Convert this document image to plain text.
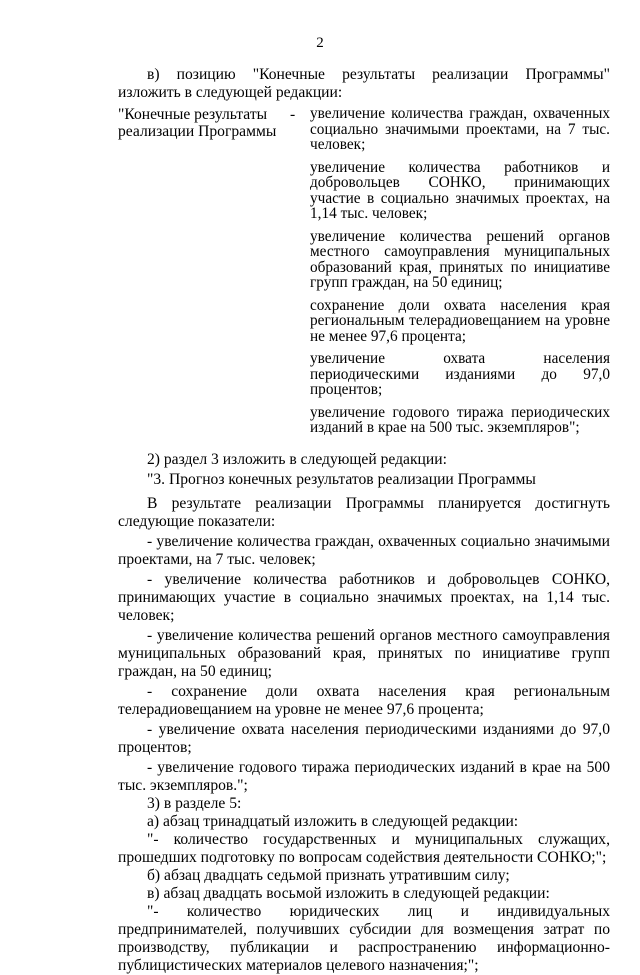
2

в) позицию "Конечные результаты реализации Программы" изложить в следующей редакции:

"Конечные результаты реализации Программы
- увеличение количества граждан, охваченных социально значимыми проектами, на 7 тыс. человек;
увеличение количества работников и добровольцев СОНКО, принимающих участие в социально значимых проектах, на 1,14 тыс. человек;
увеличение количества решений органов местного самоуправления муниципальных образований края, принятых по инициативе групп граждан, на 50 единиц;
сохранение доли охвата населения края региональным телерадиовещанием на уровне не менее 97,6 процента;
увеличение охвата населения периодическими изданиями до 97,0 процентов;
увеличение годового тиража периодических изданий в крае на 500 тыс. экземпляров";

2) раздел 3 изложить в следующей редакции:

"3. Прогноз конечных результатов реализации Программы

В результате реализации Программы планируется достигнуть следующие показатели:

- увеличение количества граждан, охваченных социально значимыми проектами, на 7 тыс. человек;

- увеличение количества работников и добровольцев СОНКО, принимающих участие в социально значимых проектах, на 1,14 тыс. человек;

- увеличение количества решений органов местного самоуправления муниципальных образований края, принятых по инициативе групп граждан, на 50 единиц;

- сохранение доли охвата населения края региональным телерадиовещанием на уровне не менее 97,6 процента;

- увеличение охвата населения периодическими изданиями до 97,0 процентов;

- увеличение годового тиража периодических изданий в крае на 500 тыс. экземпляров.";

3) в разделе 5:

а) абзац тринадцатый изложить в следующей редакции:

"- количество государственных и муниципальных служащих, прошедших подготовку по вопросам содействия деятельности СОНКО;";

б) абзац двадцать седьмой признать утратившим силу;

в) абзац двадцать восьмой изложить в следующей редакции:

"- количество юридических лиц и индивидуальных предпринимателей, получивших субсидии для возмещения затрат по производству, публикации и распространению информационно-публицистических материалов целевого назначения;";
